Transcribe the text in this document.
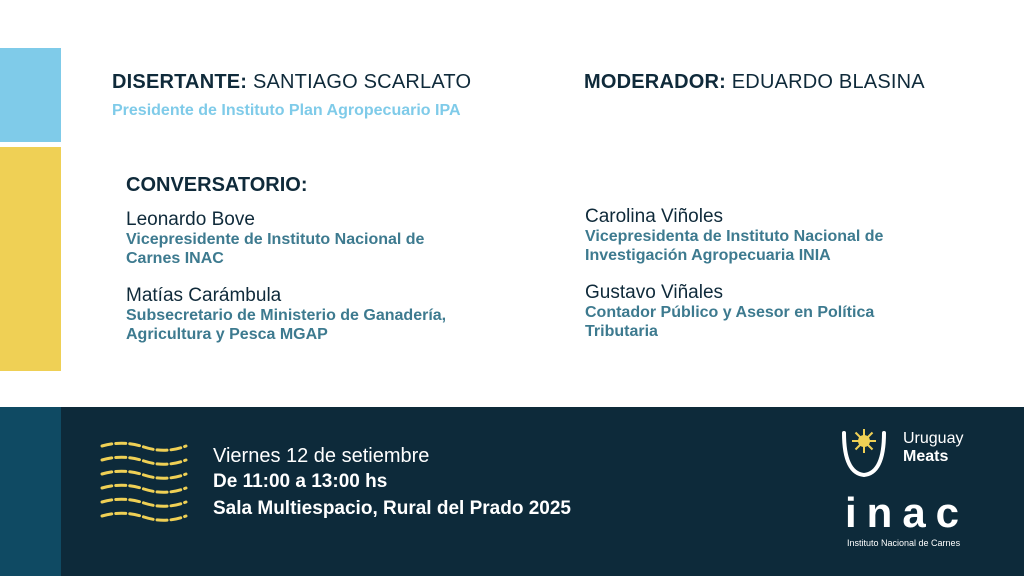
DISERTANTE: SANTIAGO SCARLATO
Presidente de Instituto Plan Agropecuario IPA
MODERADOR: EDUARDO BLASINA
CONVERSATORIO:
Leonardo Bove
Vicepresidente de Instituto Nacional de
Carnes INAC
Matías Carámbula
Subsecretario de Ministerio de Ganadería,
Agricultura y Pesca MGAP
Carolina Viñoles
Vicepresidenta de Instituto Nacional de
Investigación Agropecuaria INIA
Gustavo Viñales
Contador Público y Asesor en Política
Tributaria
Viernes 12 de setiembre
De 11:00 a 13:00 hs
Sala Multiespacio, Rural del Prado 2025
Uruguay
Meats
inac
Instituto Nacional de Carnes
